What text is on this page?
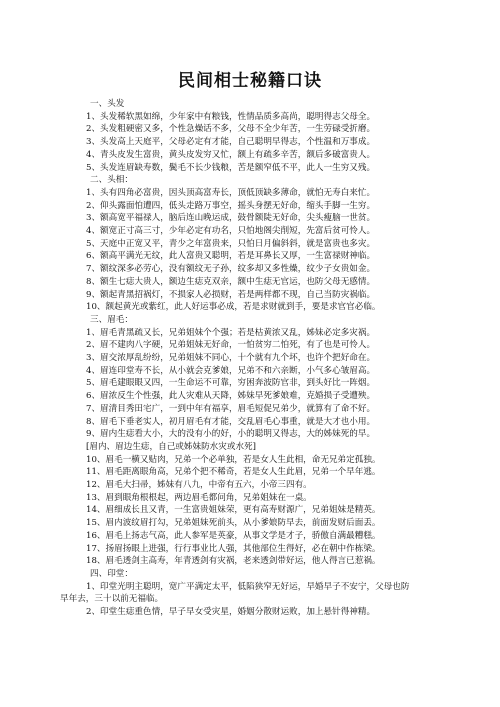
民间相士秘籍口诀
一、头发
1、头发稀软黑如绵，少年家中有粮钱，性情品质多高尚，聪明得志父母全。
2、头发粗硬密又多，个性急燥话不多，父母不全少年苦，一生劳碌受折磨。
3、头发高上天庭平，父母必定有才能，自己聪明早得志，个性温和万事成。
4、青头皮发生富贵，黄头皮发穷又忙，额上有疏多辛苦，额后多破富贵人。
5、头发连眉缺寿数，鬓毛不长少钱粮，苦是额窄低不平，此人一生穷又残。
二、头相：
1、头有四角必富贵，因头顶高富寿长，顶低顶缺多薄命，就怕无寿白来忙。
2、仰头露面怕遭四，低头走路万事空，摇头身摆无好命，缩头手脚一生穷。
3、额高宽平福禄人，脑后连山晚运成，鼓骨额陡无好命，尖头瘦脑一世贫。
4、额宽正寸高三寸，少年必定有功名，只怕地阁尖削短，先富后贫可怜人。
5、天庭中正宽又平，青少之年富贵来，只怕日月偏斜斜，就是富贵也多灾。
6、额高平满光无纹，此人富贵又聪明，若是耳鼻长又厚，一生富禄财神临。
7、额纹深多必劳心，没有额纹无子孙，纹多却又多性燥，纹少子女贵如金。
8、额生七痣大贵人，额边生痣克双亲，额中生痣无官运，也防父母无感情。
9、额起青黑招祸灯，不损家人必损财，若是两样都不现，自己当防灾祸临。
10、额起黄光或紫红，此人好运事必成，若是求财就到手，要是求官官必临。
三、眉毛：
1、眉毛青黑疏又长，兄弟姐妹个个强；若是枯黄浓又乱，姊妹必定多灾祸。
2、眉不建肉八字硬，兄弟姐妹无好命，一怕贫穷二怕死，有了也是可怜人。
3、眉交浓厚乱纷纷，兄弟姐妹不同心，十个就有九个坏，也许个把好命在。
4、眉连印堂寿不长，从小就会克爹娘，兄弟不和六亲断，小气多心皱眉高。
5、眉毛建眼眼又四，一生命运不可靠，穷困奔波防官非，到头好比一阵烟。
6、眉浓反生个性强，此人灾难从天降，姊妹早死爹娘难，克婚损子受遭殃。
7、眉清目秀田宅广，一到中年有福享，眉毛短促兄弟少，就算有了命不好。
8、眉毛下垂老实人，初月眉毛有才能，交乱眉毛心事重，就是大才也小用。
9、眉内生痣看大小，大的没有小的好，小的聪明又得志，大的姊妹死的早。
[眉内、眉边生痣，自己或姊妹防水灾或水死]
10、眉毛一横又贴肉，兄弟一个必单独，若是女人生此相，命无兄弟定孤独。
11、眉毛距离眼角高，兄弟个把不稀奇，若是女人生此眉，兄弟一个早年逃。
12、眉毛大扫帚，姊妹有八九，中帝有五六，小帝三四有。
13、眉到眼角根根起，两边眉毛都问角，兄弟姐妹在一桌。
14、眉细成长且又青，一生富贵姐妹荣，更有高寿财源广，兄弟姐妹是精英。
15、眉内波纹眉打勾，兄弟姐妹死前头，从小爹娘防早去，前面发财后面丢。
16、眉毛上扬志气高，此人参军是英豪，从事文学是才子，骄傲自满最糟糕。
17、扬眉扬眼上进强，行行事业比人强，其他部位生得好，必在朝中作栋梁。
18、眉毛透剑主高寿，年青透剑有灾祸，老来透剑带好运，他人得言已惹祸。
四、印堂：
1、印堂光明主聪明，宽广平满定太平，低陷狭窄无好运，早婚早子不安宁，父母也防
早年去，三十以前无福临。
2、印堂生痣重色情，早子早女受灾星，婚姻分散财运败，加上悬针得神精。
